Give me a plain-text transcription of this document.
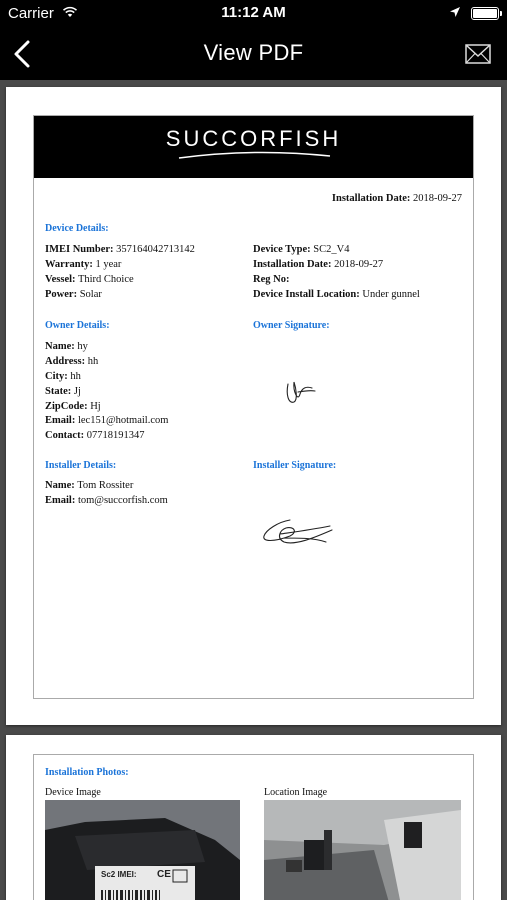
Carrier	11:12 AM
View PDF
SUCCORFISH
Installation Date: 2018-09-27
Device Details:
IMEI Number: 357164042713142
Warranty: 1 year
Vessel: Third Choice
Power: Solar
Device Type: SC2_V4
Installation Date: 2018-09-27
Reg No:
Device Install Location: Under gunnel
Owner Details:
Name: hy
Address: hh
City: hh
State: Jj
ZipCode: Hj
Email: lec151@hotmail.com
Contact: 07718191347
Owner Signature:
Installer Details:
Name: Tom Rossiter
Email: tom@succorfish.com
Installer Signature:
Installation Photos:
Device Image	Location Image
Sc2 IMEI: CE
